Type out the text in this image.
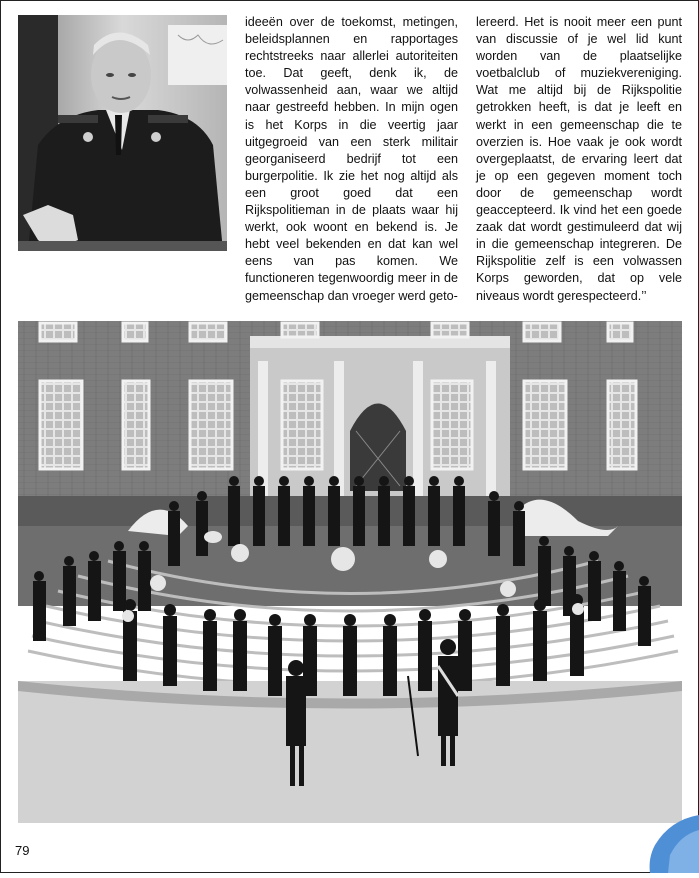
ideeën over de toekomst, metingen, beleidsplannen en rapportages rechtstreeks naar allerlei autoriteiten toe. Dat geeft, denk ik, de volwassenheid aan, waar we altijd naar gestreefd hebben. In mijn ogen is het Korps in die veertig jaar uitgegroeid van een sterk militair georganiseerd bedrijf tot een burgerpolitie. Ik zie het nog altijd als een groot goed dat een Rijkspolitieman in de plaats waar hij werkt, ook woont en bekend is. Je hebt veel bekenden en dat kan wel eens van pas komen. We functioneren tegenwoordig meer in de gemeenschap dan vroeger werd geto-

lereerd. Het is nooit meer een punt van discussie of je wel lid kunt worden van de plaatselijke voetbalclub of muziekvereniging. Wat me altijd bij de Rijkspolitie getrokken heeft, is dat je leeft en werkt in een gemeenschap die te overzien is. Hoe vaak je ook wordt overgeplaatst, de ervaring leert dat je op een gegeven moment toch door de gemeenschap wordt geaccepteerd. Ik vind het een goede zaak dat wordt gestimuleerd dat wij in die gemeenschap integreren. De Rijkspolitie zelf is een volwassen Korps geworden, dat op vele niveaus wordt gerespecteerd.’’

79
